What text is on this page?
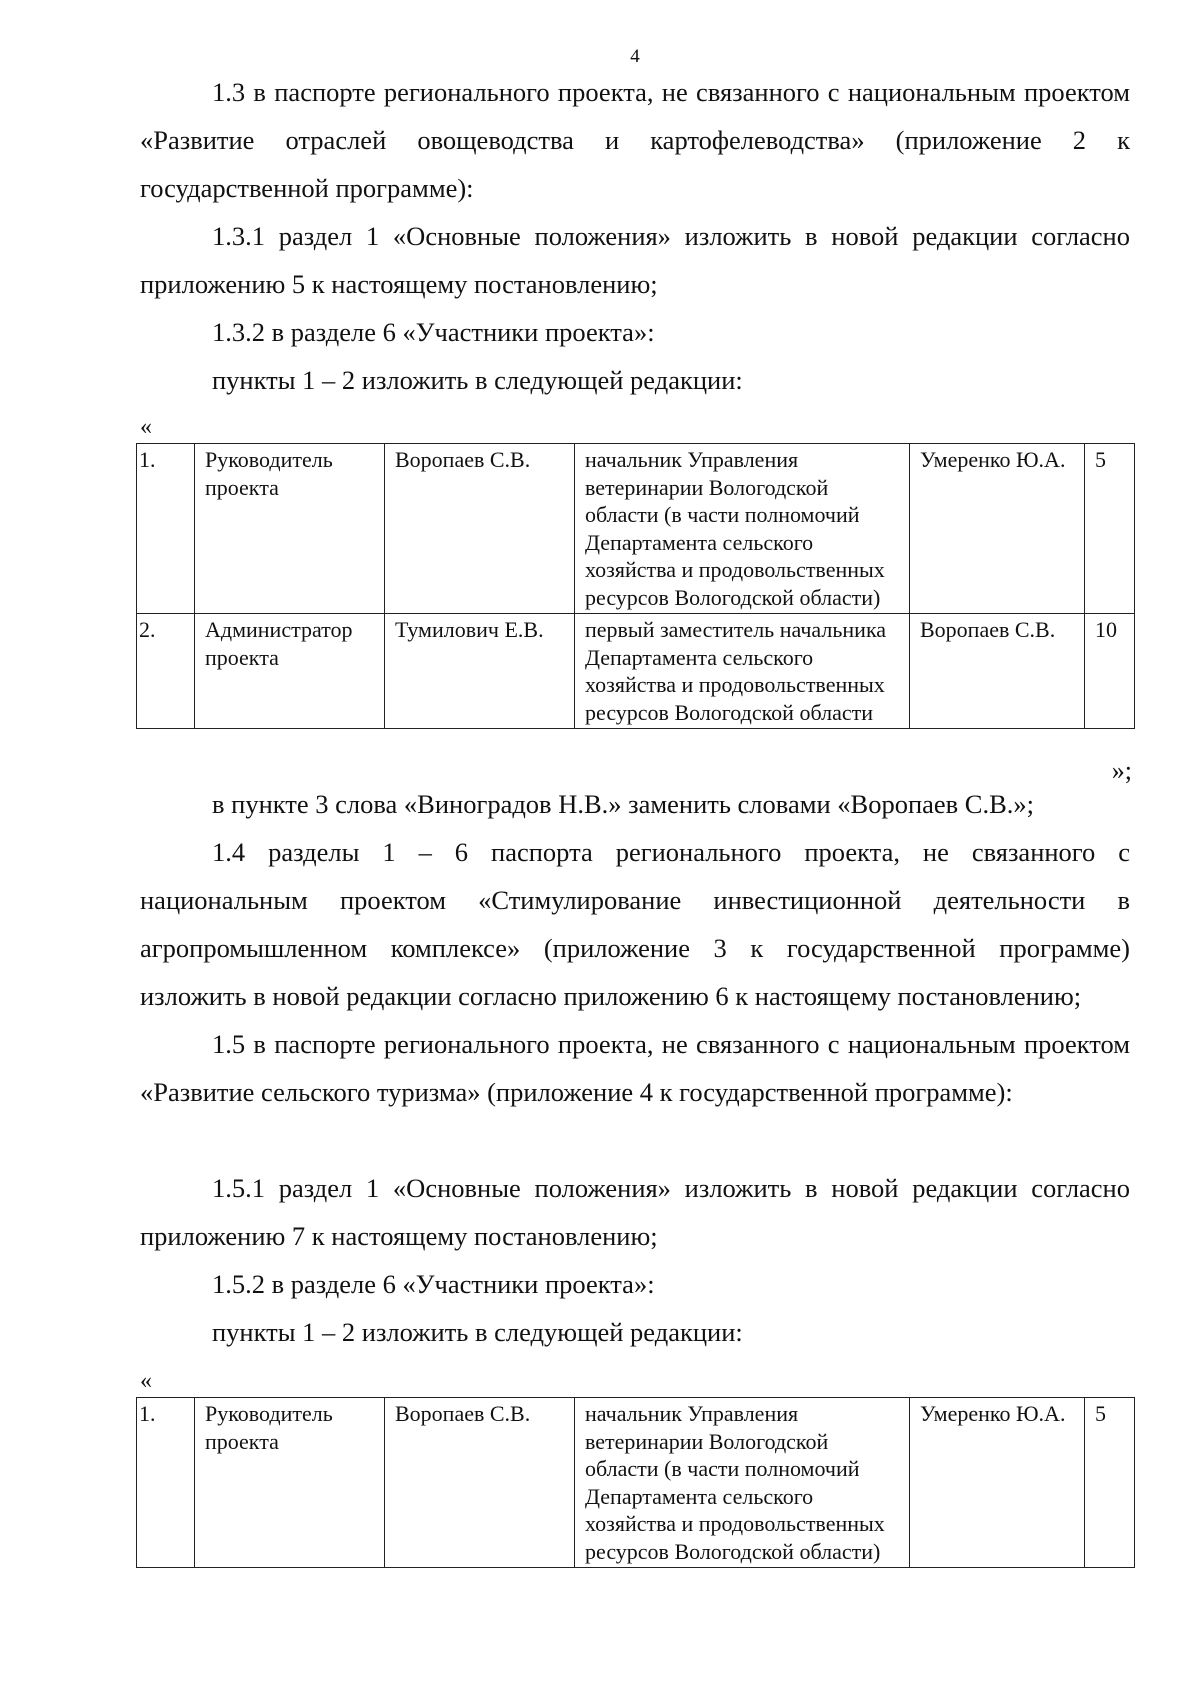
4

1.3 в паспорте регионального проекта, не связанного с национальным проектом «Развитие отраслей овощеводства и картофелеводства» (приложение 2 к государственной программе):

1.3.1 раздел 1 «Основные положения» изложить в новой редакции согласно приложению 5 к настоящему постановлению;

1.3.2 в разделе 6 «Участники проекта»:

пункты 1 – 2 изложить в следующей редакции:

«
1.	Руководитель проекта	Воропаев С.В.	начальник Управления ветеринарии Вологодской области (в части полномочий Департамента сельского хозяйства и продовольственных ресурсов Вологодской области)	Умеренко Ю.А.	5
2.	Администратор проекта	Тумилович Е.В.	первый заместитель начальника Департамента сельского хозяйства и продовольственных ресурсов Вологодской области	Воропаев С.В.	10
»;

в пункте 3 слова «Виноградов Н.В.» заменить словами «Воропаев С.В.»;

1.4 разделы 1 – 6 паспорта регионального проекта, не связанного с национальным проектом «Стимулирование инвестиционной деятельности в агропромышленном комплексе» (приложение 3 к государственной программе) изложить в новой редакции согласно приложению 6 к настоящему постановлению;

1.5 в паспорте регионального проекта, не связанного с национальным проектом «Развитие сельского туризма» (приложение 4 к государственной программе):

1.5.1 раздел 1 «Основные положения» изложить в новой редакции согласно приложению 7 к настоящему постановлению;

1.5.2 в разделе 6 «Участники проекта»:

пункты 1 – 2 изложить в следующей редакции:

«
1.	Руководитель проекта	Воропаев С.В.	начальник Управления ветеринарии Вологодской области (в части полномочий Департамента сельского хозяйства и продовольственных ресурсов Вологодской области)	Умеренко Ю.А.	5
